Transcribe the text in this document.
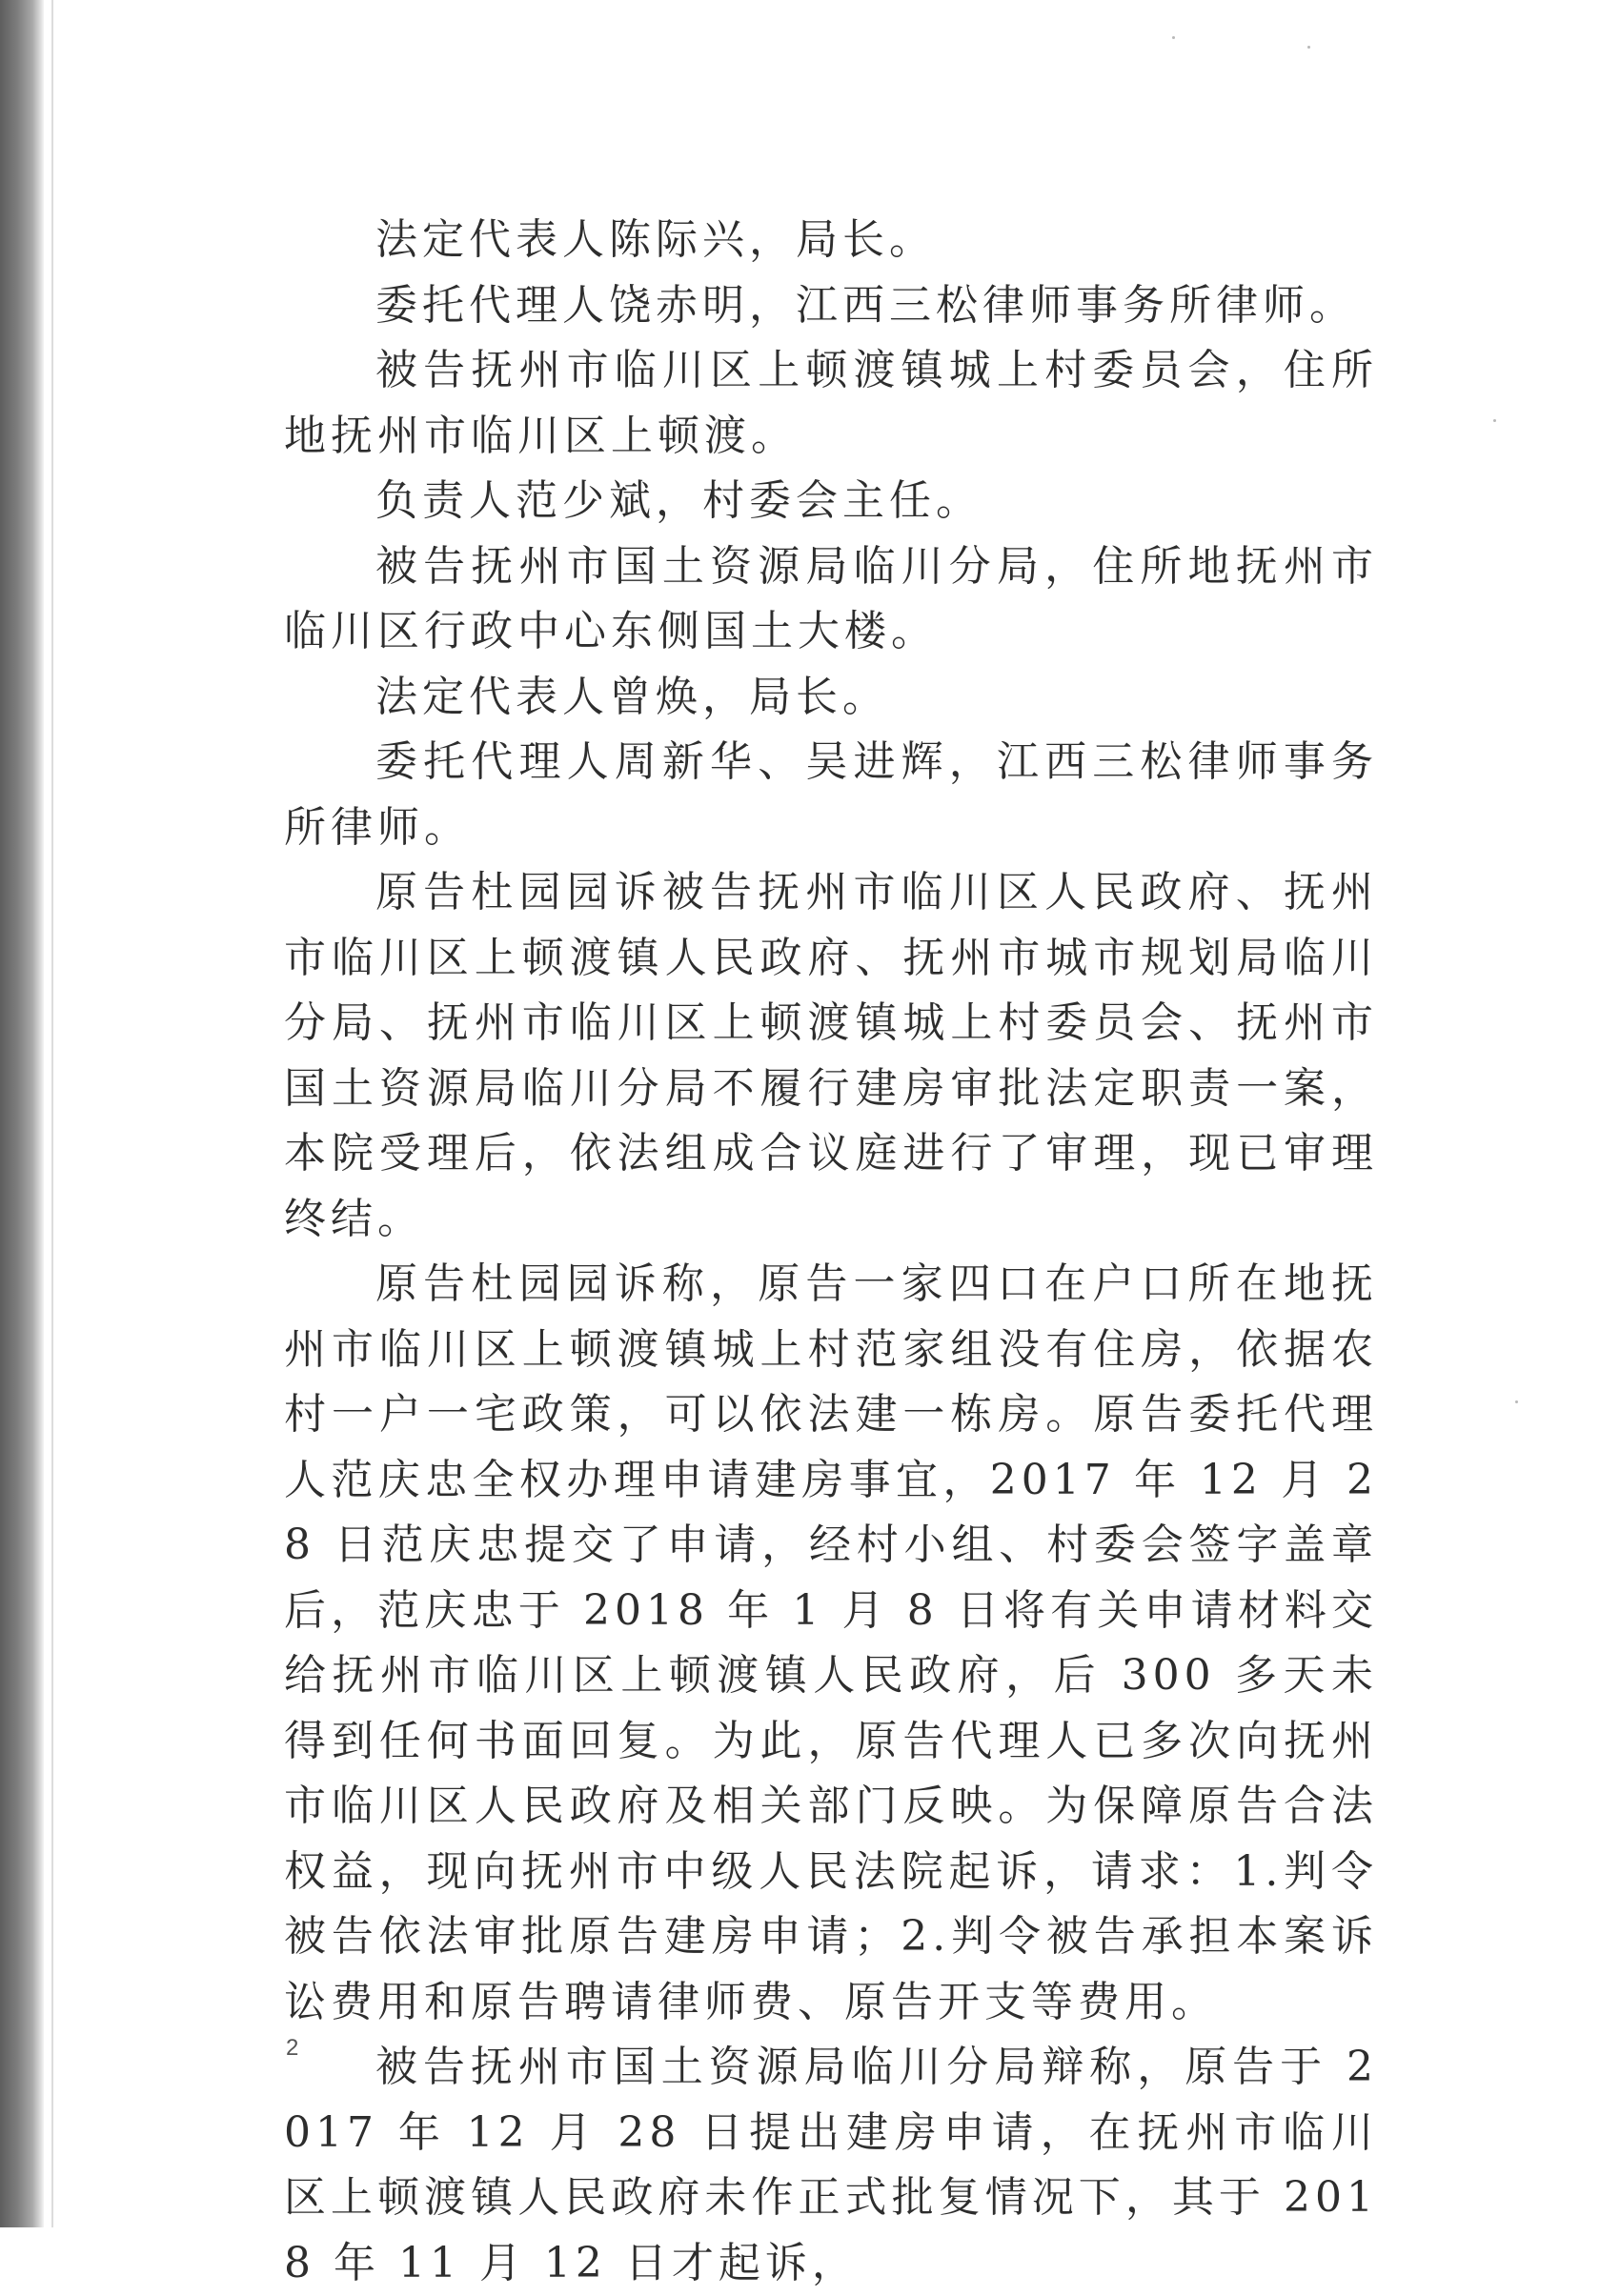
法定代表人陈际兴，局长。

委托代理人饶赤明，江西三松律师事务所律师。

被告抚州市临川区上顿渡镇城上村委员会，住所地抚州市临川区上顿渡。

负责人范少斌，村委会主任。

被告抚州市国土资源局临川分局，住所地抚州市临川区行政中心东侧国土大楼。

法定代表人曾焕，局长。

委托代理人周新华、吴进辉，江西三松律师事务所律师。

原告杜园园诉被告抚州市临川区人民政府、抚州市临川区上顿渡镇人民政府、抚州市城市规划局临川分局、抚州市临川区上顿渡镇城上村委员会、抚州市国土资源局临川分局不履行建房审批法定职责一案，本院受理后，依法组成合议庭进行了审理，现已审理终结。

原告杜园园诉称，原告一家四口在户口所在地抚州市临川区上顿渡镇城上村范家组没有住房，依据农村一户一宅政策，可以依法建一栋房。原告委托代理人范庆忠全权办理申请建房事宜，2017 年 12 月 28 日范庆忠提交了申请，经村小组、村委会签字盖章后，范庆忠于 2018 年 1 月 8 日将有关申请材料交给抚州市临川区上顿渡镇人民政府，后 300 多天未得到任何书面回复。为此，原告代理人已多次向抚州市临川区人民政府及相关部门反映。为保障原告合法权益，现向抚州市中级人民法院起诉，请求：1.判令被告依法审批原告建房申请；2.判令被告承担本案诉讼费用和原告聘请律师费、原告开支等费用。

被告抚州市国土资源局临川分局辩称，原告于 2017 年 12 月 28 日提出建房申请，在抚州市临川区上顿渡镇人民政府未作正式批复情况下，其于 2018 年 11 月 12 日才起诉，

2
